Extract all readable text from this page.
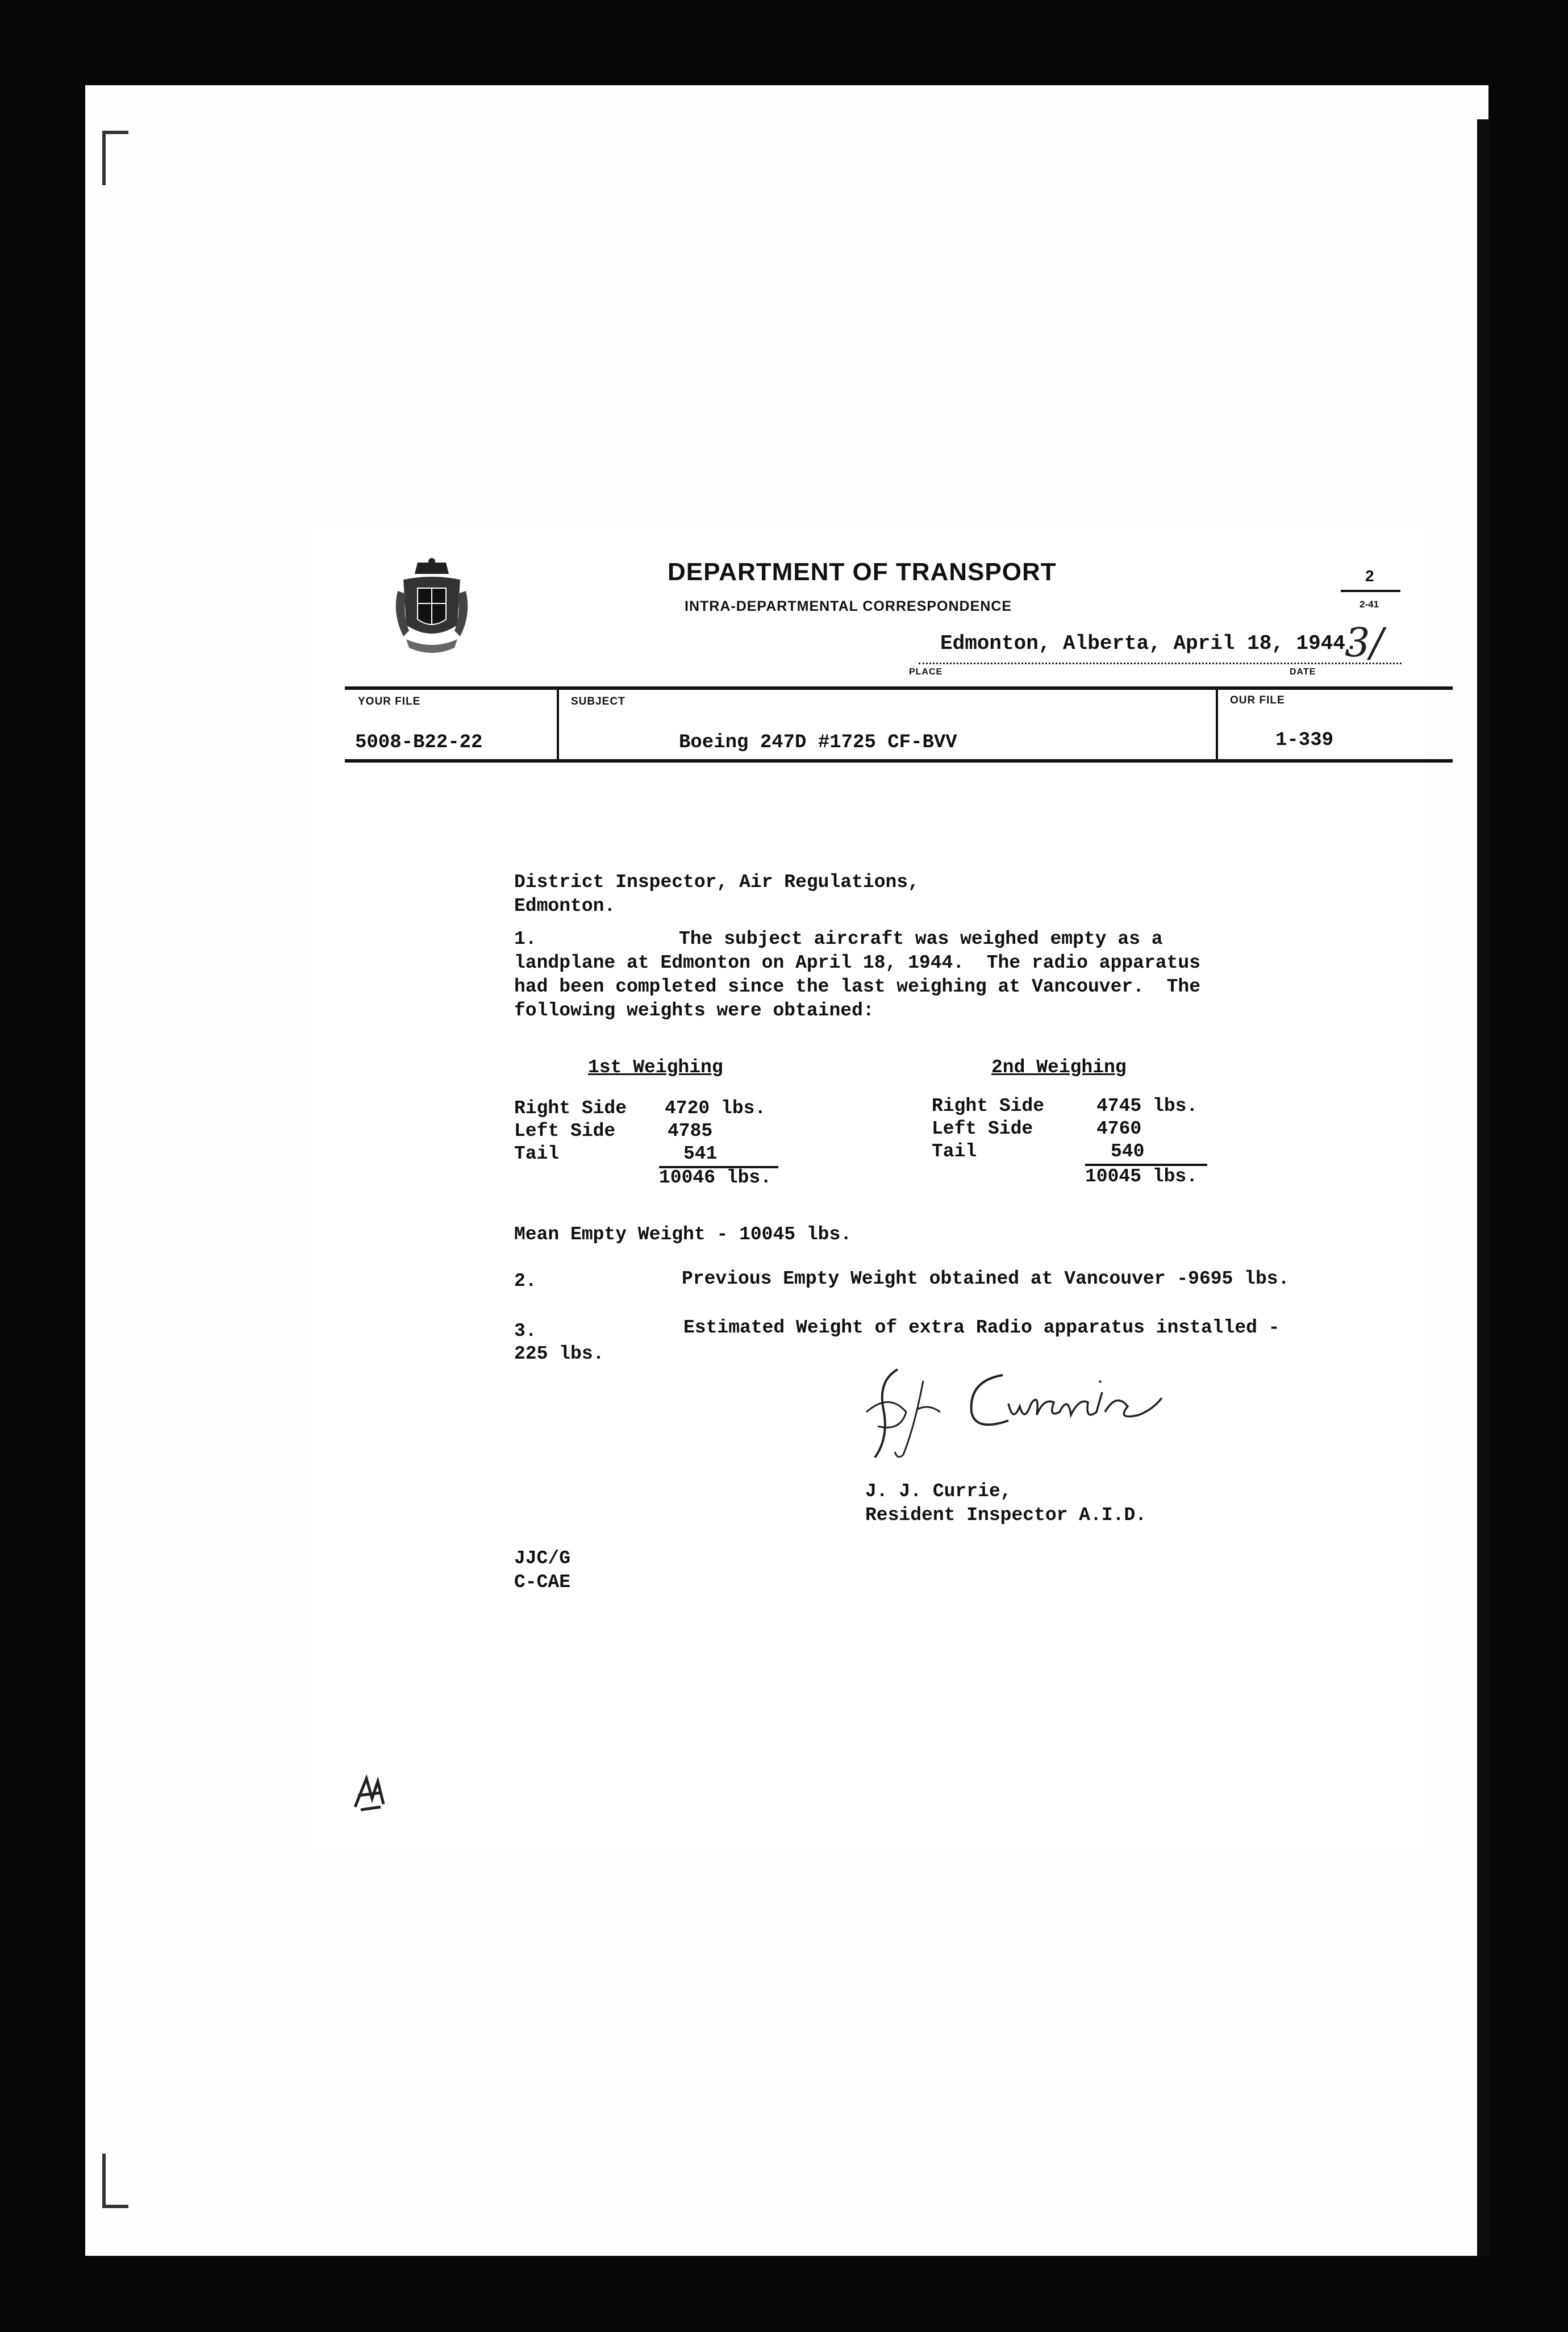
DEPARTMENT OF TRANSPORT
INTRA-DEPARTMENTAL CORRESPONDENCE
2
2-41
Edmonton, Alberta, April 18, 1944.
PLACE	DATE
3/
YOUR FILE
5008-B22-22
SUBJECT
Boeing 247D #1725 CF-BVV
OUR FILE
1-339
District Inspector, Air Regulations,
Edmonton.
1.	The subject aircraft was weighed empty as a
landplane at Edmonton on April 18, 1944.  The radio apparatus
had been completed since the last weighing at Vancouver.  The
following weights were obtained:
1st Weighing
Right Side 4720 lbs.
Left Side	4785
Tail	541
10046 lbs.
2nd Weighing
Right Side	4745 lbs.
Left Side	4760
Tail	540
10045 lbs.
Mean Empty Weight - 10045 lbs.
2.	Previous Empty Weight obtained at Vancouver -9695 lbs.
3.	Estimated Weight of extra Radio apparatus installed -
225 lbs.
J. J. Currie,
Resident Inspector A.I.D.
JJC/G
C-CAE
